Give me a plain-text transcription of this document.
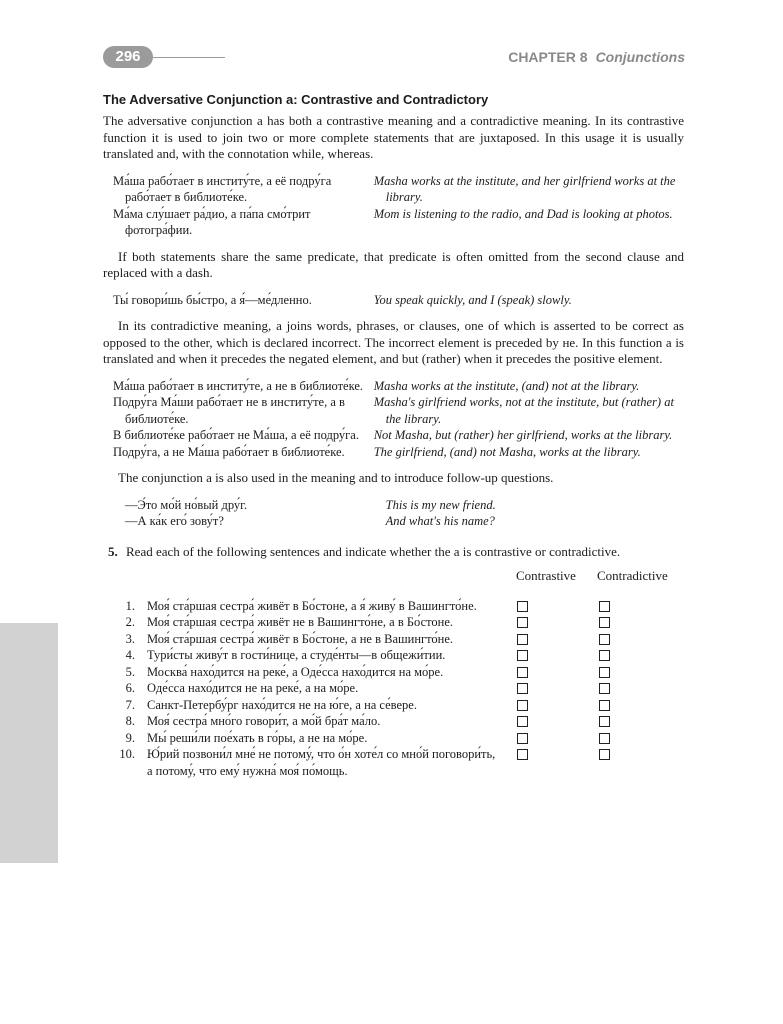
296	CHAPTER 8 Conjunctions
The Adversative Conjunction а: Contrastive and Contradictory

The adversative conjunction а has both a contrastive meaning and a contradictive meaning. In its contrastive function it is used to join two or more complete statements that are juxtaposed. In this usage it is usually translated and, with the connotation while, whereas.

Ма́ша рабо́тает в институ́те, а её подру́га рабо́тает в библиоте́ке.	Masha works at the institute, and her girlfriend works at the library.
Ма́ма слу́шает ра́дио, а па́па смо́трит фотогра́фии.	Mom is listening to the radio, and Dad is looking at photos.

If both statements share the same predicate, that predicate is often omitted from the second clause and replaced with a dash.

Ты́ говори́шь бы́стро, а я́—ме́дленно.	You speak quickly, and I (speak) slowly.

In its contradictive meaning, а joins words, phrases, or clauses, one of which is asserted to be correct as opposed to the other, which is declared incorrect. The incorrect element is preceded by не. In this function а is translated and when it precedes the negated element, and but (rather) when it precedes the positive element.

Ма́ша рабо́тает в институ́те, а не в библиоте́ке.	Masha works at the institute, (and) not at the library.
Подру́га Ма́ши рабо́тает не в институ́те, а в библиоте́ке.	Masha's girlfriend works, not at the institute, but (rather) at the library.
В библиоте́ке рабо́тает не Ма́ша, а её подру́га.	Not Masha, but (rather) her girlfriend, works at the library.
Подру́га, а не Ма́ша рабо́тает в библиоте́ке.	The girlfriend, (and) not Masha, works at the library.

The conjunction а is also used in the meaning and to introduce follow-up questions.

—Э́то мо́й но́вый дру́г.	This is my new friend.
—А ка́к его́ зову́т?	And what's his name?
5. Read each of the following sentences and indicate whether the а is contrastive or contradictive.
Contrastive Contradictive
1. Моя́ ста́ршая сестра́ живёт в Бо́стоне, а я́ живу́ в Вашингто́не.
2. Моя́ ста́ршая сестра́ живёт не в Вашингто́не, а в Бо́стоне.
3. Моя́ ста́ршая сестра́ живёт в Бо́стоне, а не в Вашингто́не.
4. Тури́сты живу́т в гости́нице, а студе́нты—в общежи́тии.
5. Москва́ нахо́дится на реке́, а Оде́сса нахо́дится на мо́ре.
6. Оде́сса нахо́дится не на реке́, а на мо́ре.
7. Санкт-Петербу́рг нахо́дится не на ю́ге, а на се́вере.
8. Моя́ сестра́ мно́го говори́т, а мо́й бра́т ма́ло.
9. Мы́ реши́ли пое́хать в го́ры, а не на мо́ре.
10. Ю́рий позвони́л мне́ не потому́, что о́н хоте́л со мно́й поговори́ть, а потому́, что ему́ нужна́ моя́ по́мощь.
